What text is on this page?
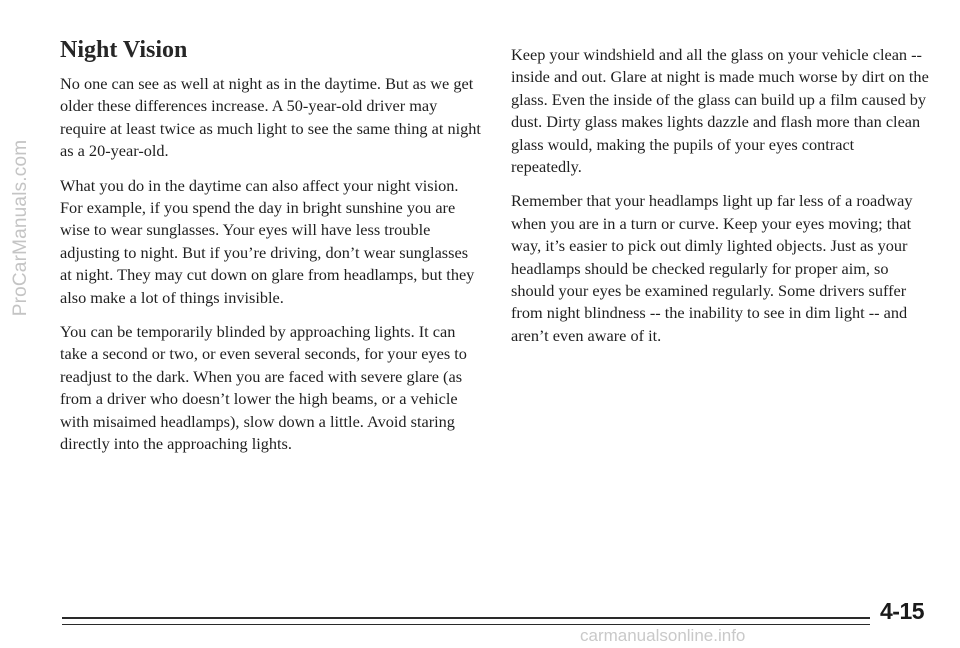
ProCarManuals.com
Night Vision

No one can see as well at night as in the daytime. But as we get older these differences increase. A 50-year-old driver may require at least twice as much light to see the same thing at night as a 20-year-old.

What you do in the daytime can also affect your night vision. For example, if you spend the day in bright sunshine you are wise to wear sunglasses. Your eyes will have less trouble adjusting to night. But if you’re driving, don’t wear sunglasses at night. They may cut down on glare from headlamps, but they also make a lot of things invisible.

You can be temporarily blinded by approaching lights. It can take a second or two, or even several seconds, for your eyes to readjust to the dark. When you are faced with severe glare (as from a driver who doesn’t lower the high beams, or a vehicle with misaimed headlamps), slow down a little. Avoid staring directly into the approaching lights.

Keep your windshield and all the glass on your vehicle clean -- inside and out. Glare at night is made much worse by dirt on the glass. Even the inside of the glass can build up a film caused by dust. Dirty glass makes lights dazzle and flash more than clean glass would, making the pupils of your eyes contract repeatedly.

Remember that your headlamps light up far less of a roadway when you are in a turn or curve. Keep your eyes moving; that way, it’s easier to pick out dimly lighted objects. Just as your headlamps should be checked regularly for proper aim, so should your eyes be examined regularly. Some drivers suffer from night blindness -- the inability to see in dim light -- and aren’t even aware of it.

4-15
carmanualsonline.info
